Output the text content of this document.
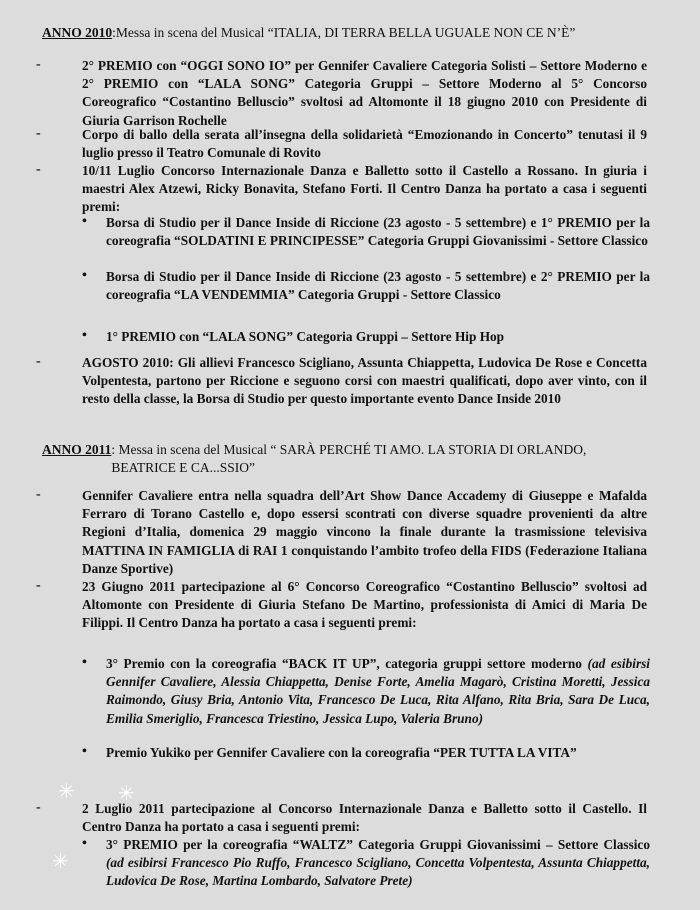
ANNO 2010:Messa in scena del Musical “ITALIA, DI TERRA BELLA UGUALE NON CE N’È”
-	2° PREMIO con “OGGI SONO IO” per Gennifer Cavaliere Categoria Solisti – Settore Moderno e 2° PREMIO con “LALA SONG” Categoria Gruppi – Settore Moderno al 5° Concorso Coreografico “Costantino Belluscio” svoltosi ad Altomonte il 18 giugno 2010 con Presidente di Giuria Garrison Rochelle
-	Corpo di ballo della serata all’insegna della solidarietà “Emozionando in Concerto” tenutasi il 9 luglio presso il Teatro Comunale di Rovito
-	10/11 Luglio Concorso Internazionale Danza e Balletto sotto il Castello a Rossano. In giuria i maestri Alex Atzewi, Ricky Bonavita, Stefano Forti. Il Centro Danza ha portato a casa i seguenti premi:
• Borsa di Studio per il Dance Inside di Riccione (23 agosto - 5 settembre) e 1° PREMIO per la coreografia “SOLDATINI E PRINCIPESSE” Categoria Gruppi Giovanissimi - Settore Classico
• Borsa di Studio per il Dance Inside di Riccione (23 agosto - 5 settembre) e 2° PREMIO per la coreografia “LA VENDEMMIA” Categoria Gruppi - Settore Classico
• 1° PREMIO con “LALA SONG” Categoria Gruppi – Settore Hip Hop
-	AGOSTO 2010: Gli allievi Francesco Scigliano, Assunta Chiappetta, Ludovica De Rose e Concetta Volpentesta, partono per Riccione e seguono corsi con maestri qualificati, dopo aver vinto, con il resto della classe, la Borsa di Studio per questo importante evento Dance Inside 2010
ANNO 2011: Messa in scena del Musical “ SARÀ PERCHÉ TI AMO. LA STORIA DI ORLANDO, BEATRICE E CA...SSIO”
-	Gennifer Cavaliere entra nella squadra dell’Art Show Dance Accademy di Giuseppe e Mafalda Ferraro di Torano Castello e, dopo essersi scontrati con diverse squadre provenienti da altre Regioni d’Italia, domenica 29 maggio vincono la finale durante la trasmissione televisiva MATTINA IN FAMIGLIA di RAI 1 conquistando l’ambito trofeo della FIDS (Federazione Italiana Danze Sportive)
-	23 Giugno 2011 partecipazione al 6° Concorso Coreografico “Costantino Belluscio” svoltosi ad Altomonte con Presidente di Giuria Stefano De Martino, professionista di Amici di Maria De Filippi. Il Centro Danza ha portato a casa i seguenti premi:
• 3° Premio con la coreografia “BACK IT UP”, categoria gruppi settore moderno (ad esibirsi Gennifer Cavaliere, Alessia Chiappetta, Denise Forte, Amelia Magarò, Cristina Moretti, Jessica Raimondo, Giusy Bria, Antonio Vita, Francesco De Luca, Rita Alfano, Rita Bria, Sara De Luca, Emilia Smeriglio, Francesca Triestino, Jessica Lupo, Valeria Bruno)
• Premio Yukiko per Gennifer Cavaliere con la coreografia “PER TUTTA LA VITA”
-	2 Luglio 2011 partecipazione al Concorso Internazionale Danza e Balletto sotto il Castello. Il Centro Danza ha portato a casa i seguenti premi:
• 3° PREMIO per la coreografia “WALTZ” Categoria Gruppi Giovanissimi – Settore Classico (ad esibirsi Francesco Pio Ruffo, Francesco Scigliano, Concetta Volpentesta, Assunta Chiappetta, Ludovica De Rose, Martina Lombardo, Salvatore Prete)
✳ ✳
✳
